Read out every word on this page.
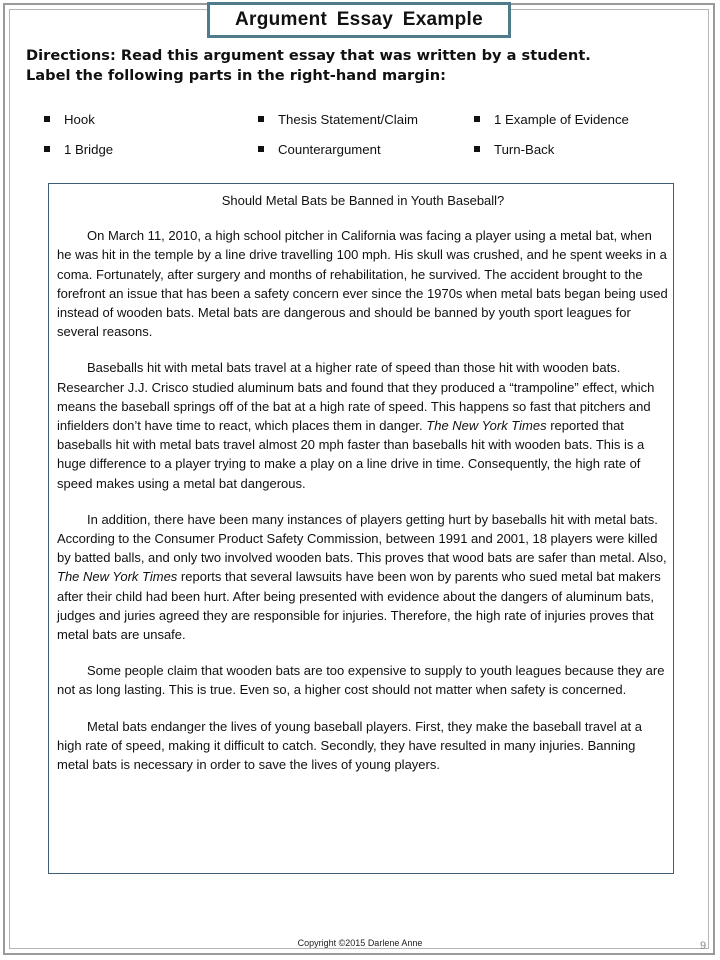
Argument Essay Example
Directions: Read this argument essay that was written by a student.
Label the following parts in the right-hand margin:
Hook	Thesis Statement/Claim	1 Example of Evidence
1 Bridge	Counterargument	Turn-Back
Should Metal Bats be Banned in Youth Baseball?

On March 11, 2010, a high school pitcher in California was facing a player using a metal bat, when he was hit in the temple by a line drive travelling 100 mph. His skull was crushed, and he spent weeks in a coma. Fortunately, after surgery and months of rehabilitation, he survived. The accident brought to the forefront an issue that has been a safety concern ever since the 1970s when metal bats began being used instead of wooden bats. Metal bats are dangerous and should be banned by youth sport leagues for several reasons.

Baseballs hit with metal bats travel at a higher rate of speed than those hit with wooden bats. Researcher J.J. Crisco studied aluminum bats and found that they produced a “trampoline” effect, which means the baseball springs off of the bat at a high rate of speed. This happens so fast that pitchers and infielders don’t have time to react, which places them in danger. The New York Times reported that baseballs hit with metal bats travel almost 20 mph faster than baseballs hit with wooden bats. This is a huge difference to a player trying to make a play on a line drive in time. Consequently, the high rate of speed makes using a metal bat dangerous.

In addition, there have been many instances of players getting hurt by baseballs hit with metal bats. According to the Consumer Product Safety Commission, between 1991 and 2001, 18 players were killed by batted balls, and only two involved wooden bats. This proves that wood bats are safer than metal. Also, The New York Times reports that several lawsuits have been won by parents who sued metal bat makers after their child had been hurt. After being presented with evidence about the dangers of aluminum bats, judges and juries agreed they are responsible for injuries. Therefore, the high rate of injuries proves that metal bats are unsafe.

Some people claim that wooden bats are too expensive to supply to youth leagues because they are not as long lasting. This is true. Even so, a higher cost should not matter when safety is concerned.

Metal bats endanger the lives of young baseball players. First, they make the baseball travel at a high rate of speed, making it difficult to catch. Secondly, they have resulted in many injuries. Banning metal bats is necessary in order to save the lives of young players.

Copyright ©2015 Darlene Anne	9
